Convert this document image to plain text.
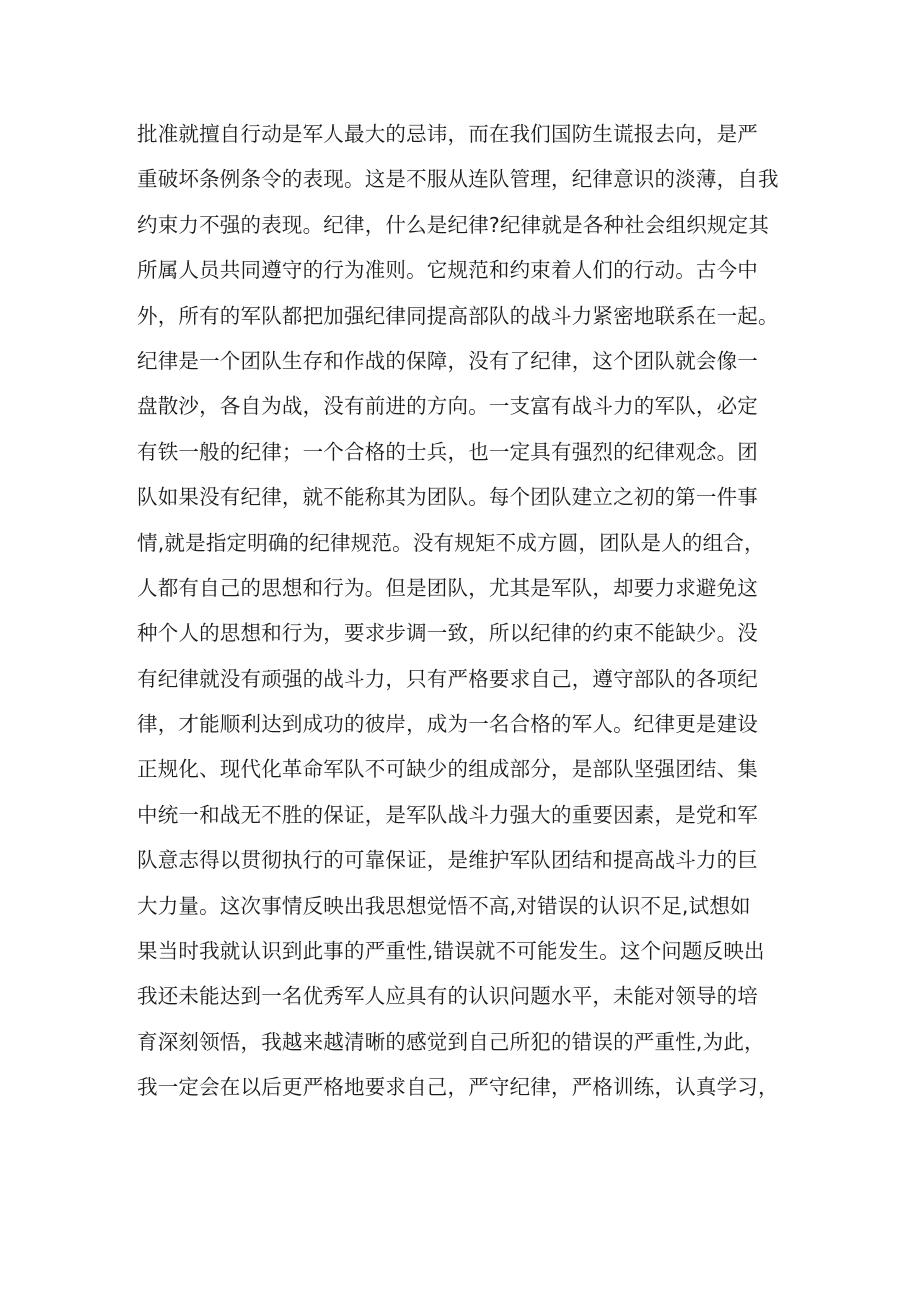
批准就擅自行动是军人最大的忌讳，而在我们国防生谎报去向，是严
重破坏条例条令的表现。这是不服从连队管理，纪律意识的淡薄，自我
约束力不强的表现。纪律，什么是纪律?纪律就是各种社会组织规定其
所属人员共同遵守的行为准则。它规范和约束着人们的行动。古今中
外，所有的军队都把加强纪律同提高部队的战斗力紧密地联系在一起。
纪律是一个团队生存和作战的保障，没有了纪律，这个团队就会像一
盘散沙，各自为战，没有前进的方向。一支富有战斗力的军队，必定
有铁一般的纪律；一个合格的士兵，也一定具有强烈的纪律观念。团
队如果没有纪律，就不能称其为团队。每个团队建立之初的第一件事
情,就是指定明确的纪律规范。没有规矩不成方圆，团队是人的组合，
人都有自己的思想和行为。但是团队，尤其是军队，却要力求避免这
种个人的思想和行为，要求步调一致，所以纪律的约束不能缺少。没
有纪律就没有顽强的战斗力，只有严格要求自己，遵守部队的各项纪
律，才能顺利达到成功的彼岸，成为一名合格的军人。纪律更是建设
正规化、现代化革命军队不可缺少的组成部分，是部队坚强团结、集
中统一和战无不胜的保证，是军队战斗力强大的重要因素，是党和军
队意志得以贯彻执行的可靠保证，是维护军队团结和提高战斗力的巨
大力量。这次事情反映出我思想觉悟不高,对错误的认识不足,试想如
果当时我就认识到此事的严重性,错误就不可能发生。这个问题反映出
我还未能达到一名优秀军人应具有的认识问题水平，未能对领导的培
育深刻领悟，我越来越清晰的感觉到自己所犯的错误的严重性,为此，
我一定会在以后更严格地要求自己，严守纪律，严格训练，认真学习，
